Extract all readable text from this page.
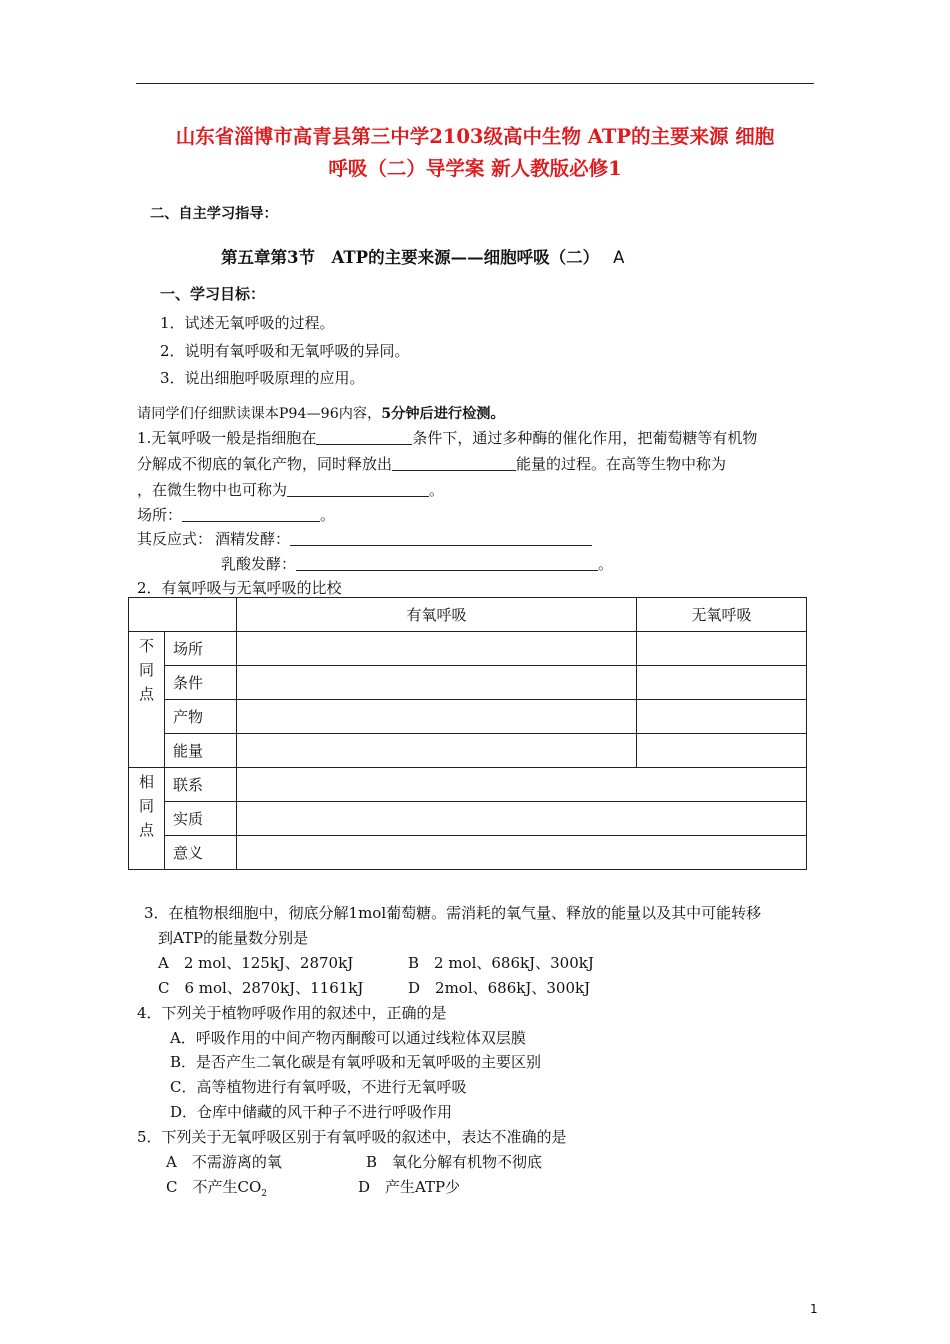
山东省淄博市高青县第三中学2103级高中生物 ATP的主要来源 细胞
呼吸（二）导学案 新人教版必修1
二、自主学习指导：
第五章第3节　ATP的主要来源——细胞呼吸（二） A
一、学习目标：
1．试述无氧呼吸的过程。
2．说明有氧呼吸和无氧呼吸的异同。
3．说出细胞呼吸原理的应用。
请同学们仔细默读课本P94—96内容，5分钟后进行检测。
1.无氧呼吸一般是指细胞在	条件下，通过多种酶的催化作用，把葡萄糖等有机物
分解成不彻底的氧化产物，同时释放出	能量的过程。在高等生物中称为
，在微生物中也可称为	。
场所：	。
其反应式： 酒精发酵：
乳酸发酵：	。
2．有氧呼吸与无氧呼吸的比校
		有氧呼吸	无氧呼吸

不
同
点	场所		
	条件		
	产物		
	能量		

相
同
点	联系		
	实质		
	意义		
3．在植物根细胞中，彻底分解1mol葡萄糖。需消耗的氧气量、释放的能量以及其中可能转移
到ATP的能量数分别是
A　2 mol、125kJ、2870kJ	B　2 mol、686kJ、300kJ
C　6 mol、2870kJ、1161kJ	D　2mol、686kJ、300kJ
4．下列关于植物呼吸作用的叙述中，正确的是
A．呼吸作用的中间产物丙酮酸可以通过线粒体双层膜
B．是否产生二氧化碳是有氧呼吸和无氧呼吸的主要区别
C．高等植物进行有氧呼吸，不进行无氧呼吸
D．仓库中储藏的风干种子不进行呼吸作用
5．下列关于无氧呼吸区别于有氧呼吸的叙述中，表达不准确的是
A　不需游离的氧	B　氧化分解有机物不彻底
C　不产生$CO_2$	D　产生ATP少
1
